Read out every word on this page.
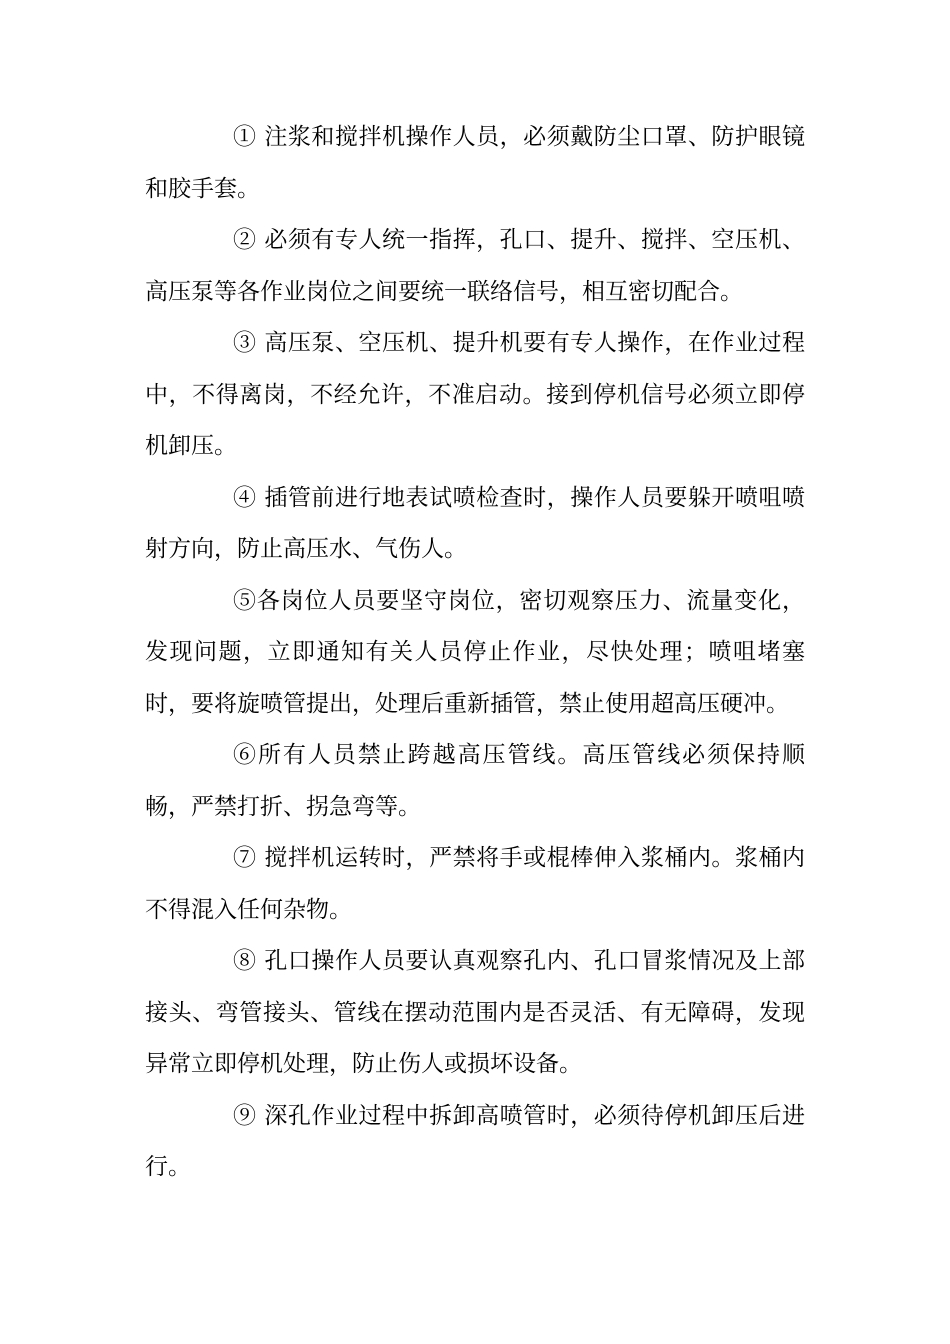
① 注浆和搅拌机操作人员，必须戴防尘口罩、防护眼镜和胶手套。

② 必须有专人统一指挥，孔口、提升、搅拌、空压机、高压泵等各作业岗位之间要统一联络信号，相互密切配合。

③ 高压泵、空压机、提升机要有专人操作，在作业过程中，不得离岗，不经允许，不准启动。接到停机信号必须立即停机卸压。

④ 插管前进行地表试喷检查时，操作人员要躲开喷咀喷射方向，防止高压水、气伤人。

⑤各岗位人员要坚守岗位，密切观察压力、流量变化，发现问题，立即通知有关人员停止作业，尽快处理；喷咀堵塞时，要将旋喷管提出，处理后重新插管，禁止使用超高压硬冲。

⑥所有人员禁止跨越高压管线。高压管线必须保持顺畅，严禁打折、拐急弯等。

⑦ 搅拌机运转时，严禁将手或棍棒伸入浆桶内。浆桶内不得混入任何杂物。

⑧ 孔口操作人员要认真观察孔内、孔口冒浆情况及上部接头、弯管接头、管线在摆动范围内是否灵活、有无障碍，发现异常立即停机处理，防止伤人或损坏设备。

⑨ 深孔作业过程中拆卸高喷管时，必须待停机卸压后进行。
